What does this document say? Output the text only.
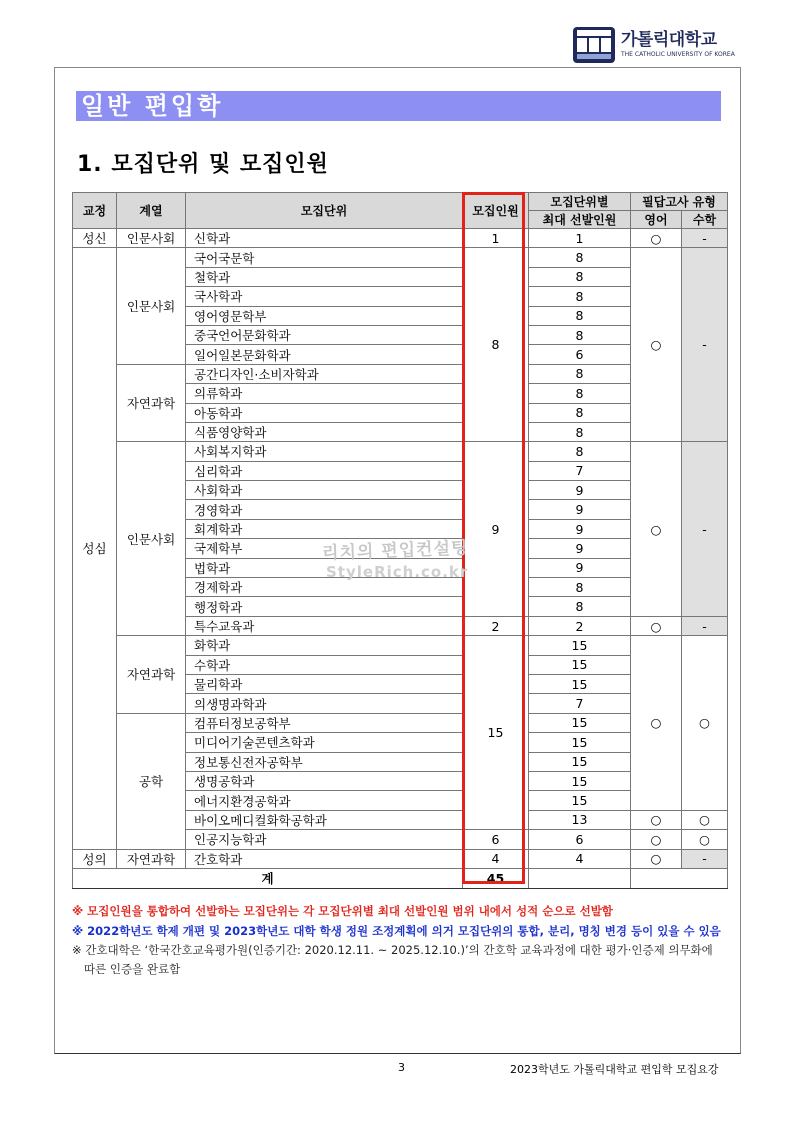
가톨릭대학교
THE CATHOLIC UNIVERSITY OF KOREA
일반 편입학
1. 모집단위 및 모집인원
교정	계열	모집단위	모집인원	모집단위별	필답고사 유형	
				최대 선발인원	영어	수학
성신	인문사회	신학과	1	1	○	-
성심	인문사회	국어국문학	8	8	○	-
		철학과		8		
		국사학과		8		
		영어영문학부		8		
		중국언어문화학과		8		
		일어일본문화학과		6		
	자연과학	공간디자인·소비자학과		8		
		의류학과		8		
		아동학과		8		
		식품영양학과		8		
	인문사회	사회복지학과	9	8	○	-
		심리학과		7		
		사회학과		9		
		경영학과		9		
		회계학과		9		
		국제학부		9		
		법학과		9		
		경제학과		8		
		행정학과		8		
		특수교육과	2	2	○	-
	자연과학	화학과	15	15	○	○
		수학과		15		
		물리학과		15		
		의생명과학과		7		
	공학	컴퓨터정보공학부		15		
		미디어기술콘텐츠학과		15		
		정보통신전자공학부		15		
		생명공학과		15		
		에너지환경공학과		15		
		바이오메디컬화학공학과		13	○	○
		인공지능학과	6	6	○	○
성의	자연과학	간호학과	4	4	○	-
계			45			
리치의 편입컨설팅
StyleRich.co.kr
※ 모집인원을 통합하여 선발하는 모집단위는 각 모집단위별 최대 선발인원 범위 내에서 성적 순으로 선발함
※ 2022학년도 학제 개편 및 2023학년도 대학 학생 정원 조정계획에 의거 모집단위의 통합, 분리, 명칭 변경 등이 있을 수 있음
※ 간호대학은 ‘한국간호교육평가원(인증기간: 2020.12.11. ~ 2025.12.10.)’의 간호학 교육과정에 대한 평가·인증제 의무화에
따른 인증을 완료함
3	2023학년도 가톨릭대학교 편입학 모집요강
